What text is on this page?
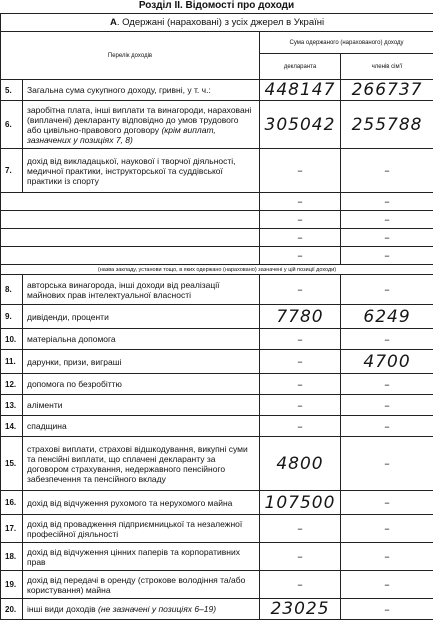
Розділ ІІ. Відомості про доходи
А. Одержані (нараховані) з усіх джерел в Україні			
Перелік доходів		Сума одержаного (нарахованого) доходу	
		декларанта	членів сім'ї
5.	Загальна сума сукупного доходу, гривні, у т. ч.:	448147	266737
6.	заробітна плата, інші виплати та винагороди, нараховані (виплачені) декларанту відповідно до умов трудового або цивільно-правового договору (крім виплат, зазначених у позиціях 7, 8)	305042	255788
7.	дохід від викладацької, наукової і творчої діяльності, медичної практики, інструкторської та суддівської практики із спорту	–	–
		–	–
		–	–
		–	–
		–	–
(назва закладу, установи тощо, в яких одержано (нараховано) зазначені у цій позиції доходи)			
8.	авторська винагорода, інші доходи від реалізації майнових прав інтелектуальної власності	–	–
9.	дивіденди, проценти	7780	6249
10.	матеріальна допомога	–	–
11.	дарунки, призи, виграші	–	4700
12.	допомога по безробіттю	–	–
13.	аліменти	–	–
14.	спадщина	–	–
15.	страхові виплати, страхові відшкодування, викупні суми та пенсійні виплати, що сплачені декларанту за договором страхування, недержавного пенсійного забезпечення та пенсійного вкладу	4800	–
16.	дохід від відчуження рухомого та нерухомого майна	107500	–
17.	дохід від провадження підприємницької та незалежної професійної діяльності	–	–
18.	дохід від відчуження цінних паперів та корпоративних прав	–	–
19.	дохід від передачі в оренду (строкове володіння та/або користування) майна	–	–
20.	інші види доходів (не зазначені у позиціях 6–19)	23025	–
